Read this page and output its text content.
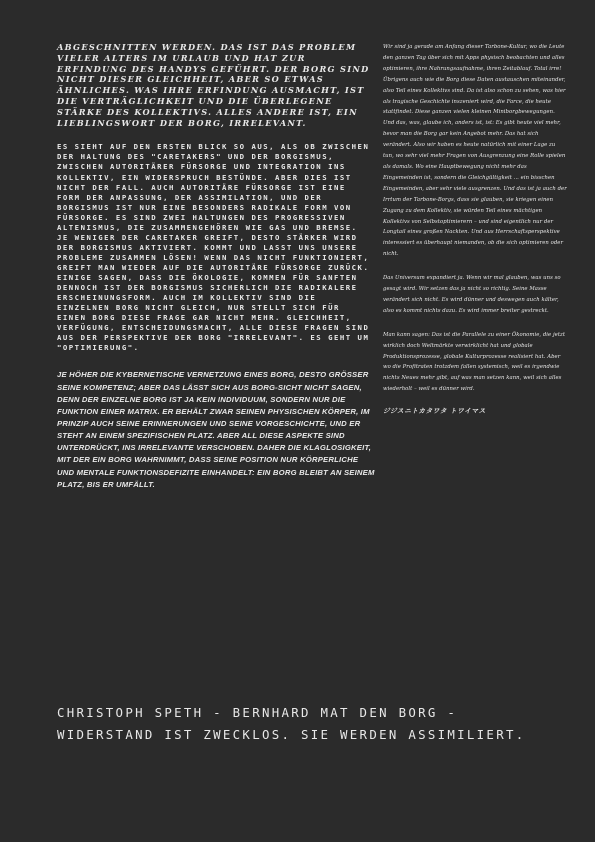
ABGESCHNITTEN WERDEN. DAS IST DAS PROBLEM VIELER ALTERS IM URLAUB UND HAT ZUR ERFINDUNG DES HANDYS GEFÜHRT. DER BORG SIND NICHT DIESER GLEICHHEIT, ABER SO ETWAS ÄHNLICHES. WAS IHRE ERFINDUNG AUSMACHT, IST DIE VERTRÄGLICHKEIT UND DIE ÜBERLEGENE STÄRKE DES KOLLEKTIVS. ALLES ANDERE IST, EIN LIEBLINGSWORT DER BORG, IRRELEVANT.

ES SIEHT AUF DEN ERSTEN BLICK SO AUS, ALS OB ZWISCHEN DER HALTUNG DES "CARETAKERS" UND DER BORGISMUS, ZWISCHEN AUTORITÄRER FÜRSORGE UND INTEGRATION INS KOLLEKTIV, EIN WIDERSPRUCH BESTÜNDE. ABER DIES IST NICHT DER FALL. AUCH AUTORITÄRE FÜRSORGE IST EINE FORM DER ANPASSUNG, DER ASSIMILATION, UND DER BORGISMUS IST NUR EINE BESONDERS RADIKALE FORM VON FÜRSORGE. ES SIND ZWEI HALTUNGEN DES PROGRESSIVEN ALTENISMUS, DIE ZUSAMMENGEHÖREN WIE GAS UND BREMSE. JE WENIGER DER CARETAKER GREIFT, DESTO STÄRKER WIRD DER BORGISMUS AKTIVIERT. KOMMT UND LASST UNS UNSERE PROBLEME ZUSAMMEN LÖSEN! WENN DAS NICHT FUNKTIONIERT, GREIFT MAN WIEDER AUF DIE AUTORITÄRE FÜRSORGE ZURÜCK. EINIGE SAGEN, DASS DIE ÖKOLOGIE, KOMMEN FÜR SANFTEN DENNOCH IST DER BORGISMUS SICHERLICH DIE RADIKALERE ERSCHEINUNGSFORM. AUCH IM KOLLEKTIV SIND DIE EINZELNEN BORG NICHT GLEICH, NUR STELLT SICH FÜR EINEN BORG DIESE FRAGE GAR NICHT MEHR. GLEICHHEIT, VERFÜGUNG, ENTSCHEIDUNGSMACHT, ALLE DIESE FRAGEN SIND AUS DER PERSPEKTIVE DER BORG "IRRELEVANT". ES GEHT UM "OPTIMIERUNG".

JE HÖHER DIE KYBERNETISCHE VERNETZUNG EINES BORG, DESTO GRÖSSER SEINE KOMPETENZ; ABER DAS LÄSST SICH AUS BORG-SICHT NICHT SAGEN, DENN DER EINZELNE BORG IST JA KEIN INDIVIDUUM, SONDERN NUR DIE FUNKTION EINER MATRIX. ER BEHÄLT ZWAR SEINEN PHYSISCHEN KÖRPER, IM PRINZIP AUCH SEINE ERINNERUNGEN UND SEINE VORGESCHICHTE, UND ER STEHT AN EINEM SPEZIFISCHEN PLATZ. ABER ALL DIESE ASPEKTE SIND UNTERDRÜCKT, INS IRRELEVANTE VERSCHOBEN. DAHER DIE KLAGLOSIGKEIT, MIT DER EIN BORG WAHRNIMMT, DASS SEINE POSITION NUR KÖRPERLICHE UND MENTALE FUNKTIONSDEFIZITE EINHANDELT: EIN BORG BLEIBT AN SEINEM PLATZ, BIS ER UMFÄLLT.

Wir sind ja gerade am Anfang dieser Tarbone-Kultur, wo die Leute den ganzen Tag über sich mit Apps physisch beobachten und alles optimieren, ihre Nahrungsaufnahme, ihren Zeitablauf. Total irre! Übrigens auch wie die Borg diese Daten austauschen miteinander, also Teil eines Kollektivs sind. Da ist also schon zu sehen, was hier als tragische Geschichte inszeniert wird, die Farce, die heute stattfindet. Diese ganzen vielen kleinen Miniborgbewegungen. Und das, was, glaube ich, anders ist, ist: Es gibt heute viel mehr, bevor man die Borg gar kein Angebot mehr. Das hat sich verändert. Also wir haben es heute natürlich mit einer Lage zu tun, wo sehr viel mehr Fragen von Ausgrenzung eine Rolle spielen als damals. Wo eine Hauptbewegung nicht mehr das Eingemeinden ist, sondern die Gleichgültigkeit ... ein bisschen Eingemeinden, aber sehr viele ausgrenzen. Und das ist ja auch der Irrtum der Tarbone-Borgs, dass sie glauben, sie kriegen einen Zugang zu dem Kollektiv, sie würden Teil eines mächtigen Kollektivs von Selbstoptimierern – und sind eigentlich nur der Longtail eines großen Nackten. Und aus Herrschaftsperspektive interessiert es überhaupt niemanden, ob die sich optimieren oder nicht.

Das Universum expandiert ja. Wenn wir mal glauben, was uns so gesagt wird. Wir setzen das ja nicht so richtig. Seine Masse verändert sich nicht. Es wird dünner und deswegen auch kälter, also es kommt nichts dazu. Es wird immer breiter gestreckt.

Man kann sagen: Das ist die Parallele zu einer Ökonomie, die jetzt wirklich doch Weltmärkte verwirklicht hat und globale Produktionsprozesse, globale Kulturprozesse realisiert hat. Aber wo die Profitraten trotzdem fallen systemisch, weil es irgendwie nichts Neues mehr gibt, auf was man setzen kann, weil sich alles wiederholt – weil es dünner wird.

ジジスニトカタワタ トワイマス
CHRISTOPH SPETH - BERNHARD MAT DEN BORG - WIDERSTAND IST ZWECKLOS. SIE WERDEN ASSIMILIERT.
